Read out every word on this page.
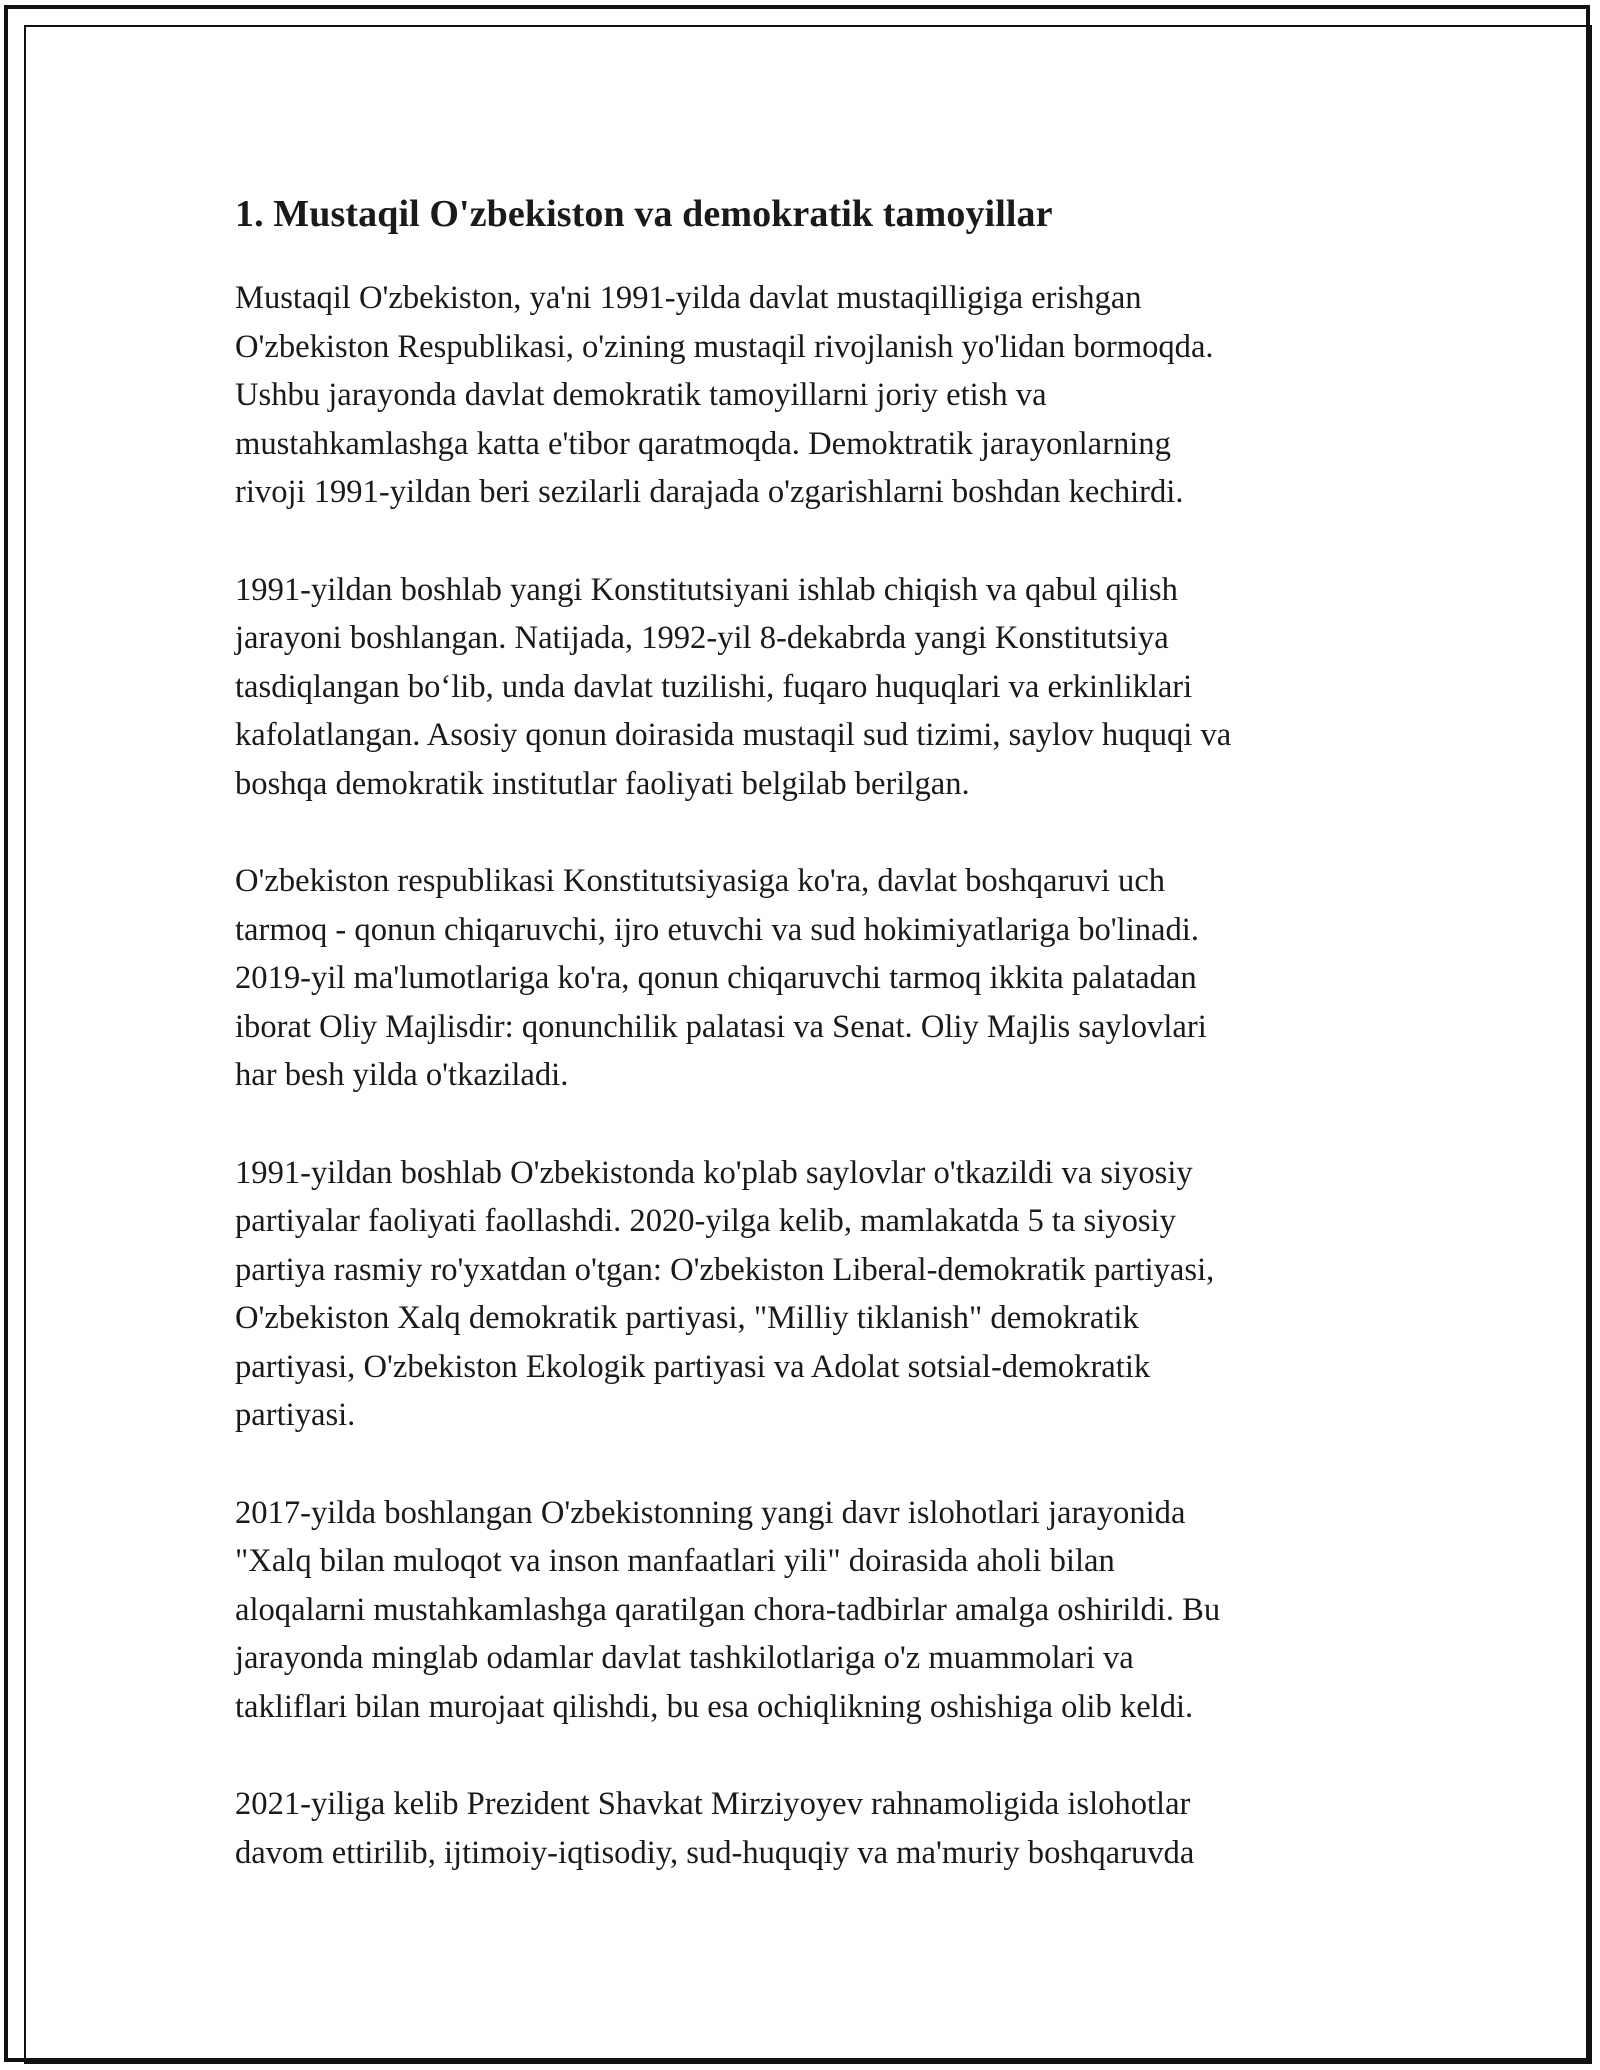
1. Mustaqil O'zbekiston va demokratik tamoyillar

Mustaqil O'zbekiston, ya'ni 1991-yilda davlat mustaqilligiga erishgan
O'zbekiston Respublikasi, o'zining mustaqil rivojlanish yo'lidan bormoqda.
Ushbu jarayonda davlat demokratik tamoyillarni joriy etish va
mustahkamlashga katta e'tibor qaratmoqda. Demoktratik jarayonlarning
rivoji 1991-yildan beri sezilarli darajada o'zgarishlarni boshdan kechirdi.

1991-yildan boshlab yangi Konstitutsiyani ishlab chiqish va qabul qilish
jarayoni boshlangan. Natijada, 1992-yil 8-dekabrda yangi Konstitutsiya
tasdiqlangan bo‘lib, unda davlat tuzilishi, fuqaro huquqlari va erkinliklari
kafolatlangan. Asosiy qonun doirasida mustaqil sud tizimi, saylov huquqi va
boshqa demokratik institutlar faoliyati belgilab berilgan.

O'zbekiston respublikasi Konstitutsiyasiga ko'ra, davlat boshqaruvi uch
tarmoq - qonun chiqaruvchi, ijro etuvchi va sud hokimiyatlariga bo'linadi.
2019-yil ma'lumotlariga ko'ra, qonun chiqaruvchi tarmoq ikkita palatadan
iborat Oliy Majlisdir: qonunchilik palatasi va Senat. Oliy Majlis saylovlari
har besh yilda o'tkaziladi.

1991-yildan boshlab O'zbekistonda ko'plab saylovlar o'tkazildi va siyosiy
partiyalar faoliyati faollashdi. 2020-yilga kelib, mamlakatda 5 ta siyosiy
partiya rasmiy ro'yxatdan o'tgan: O'zbekiston Liberal-demokratik partiyasi,
O'zbekiston Xalq demokratik partiyasi, "Milliy tiklanish" demokratik
partiyasi, O'zbekiston Ekologik partiyasi va Adolat sotsial-demokratik
partiyasi.

2017-yilda boshlangan O'zbekistonning yangi davr islohotlari jarayonida
"Xalq bilan muloqot va inson manfaatlari yili" doirasida aholi bilan
aloqalarni mustahkamlashga qaratilgan chora-tadbirlar amalga oshirildi. Bu
jarayonda minglab odamlar davlat tashkilotlariga o'z muammolari va
takliflari bilan murojaat qilishdi, bu esa ochiqlikning oshishiga olib keldi.

2021-yiliga kelib Prezident Shavkat Mirziyoyev rahnamoligida islohotlar
davom ettirilib, ijtimoiy-iqtisodiy, sud-huquqiy va ma'muriy boshqaruvda
